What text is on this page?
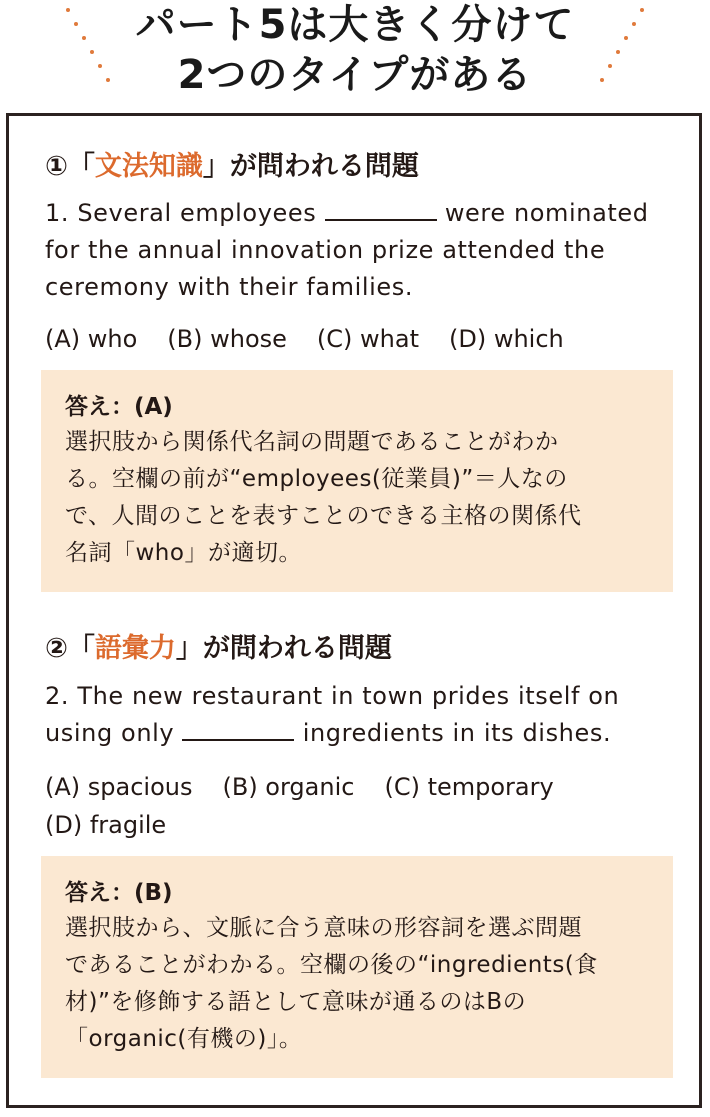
パート5は大きく分けて
2つのタイプがある
①「文法知識」が問われる問題
1. Several employees	were nominated for the annual innovation prize attended the ceremony with their families.
(A) who (B) whose (C) what (D) which
答え：(A)
選択肢から関係代名詞の問題であることがわか
る。空欄の前が“employees(従業員)”＝人なの
で、人間のことを表すことのできる主格の関係代
名詞「who」が適切。
②「語彙力」が問われる問題
2. The new restaurant in town prides itself on
using only	ingredients in its dishes.
(A) spacious (B) organic (C) temporary
(D) fragile
答え：(B)
選択肢から、文脈に合う意味の形容詞を選ぶ問題
であることがわかる。空欄の後の“ingredients(食
材)”を修飾する語として意味が通るのはBの
「organic(有機の)」。
